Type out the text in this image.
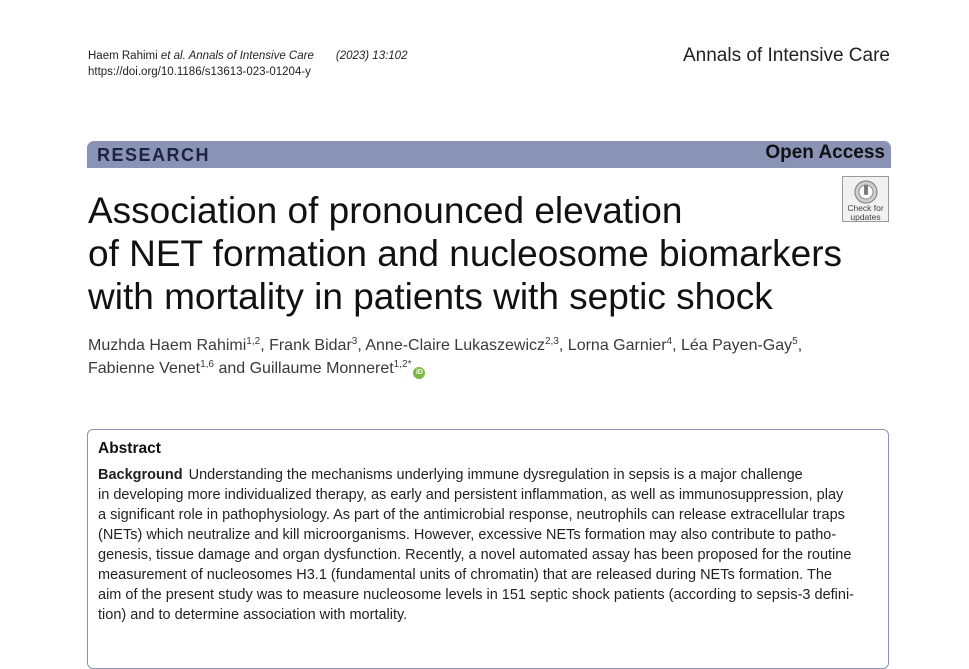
Haem Rahimi et al. Annals of Intensive Care (2023) 13:102
https://doi.org/10.1186/s13613-023-01204-y
Annals of Intensive Care
RESEARCH	Open Access
Check for
updates
Association of pronounced elevation
of NET formation and nucleosome biomarkers
with mortality in patients with septic shock
Muzhda Haem Rahimi$^{1,2}$, Frank Bidar$^3$, Anne-Claire Lukaszewicz$^{2,3}$, Lorna Garnier$^4$, Léa Payen-Gay$^5$,
Fabienne Venet$^{1,6}$ and Guillaume Monneret$^{1,2*}$iD
Abstract
Background Understanding the mechanisms underlying immune dysregulation in sepsis is a major challenge
in developing more individualized therapy, as early and persistent inflammation, as well as immunosuppression, play
a significant role in pathophysiology. As part of the antimicrobial response, neutrophils can release extracellular traps
(NETs) which neutralize and kill microorganisms. However, excessive NETs formation may also contribute to patho-
genesis, tissue damage and organ dysfunction. Recently, a novel automated assay has been proposed for the routine
measurement of nucleosomes H3.1 (fundamental units of chromatin) that are released during NETs formation. The
aim of the present study was to measure nucleosome levels in 151 septic shock patients (according to sepsis-3 defini-
tion) and to determine association with mortality.
